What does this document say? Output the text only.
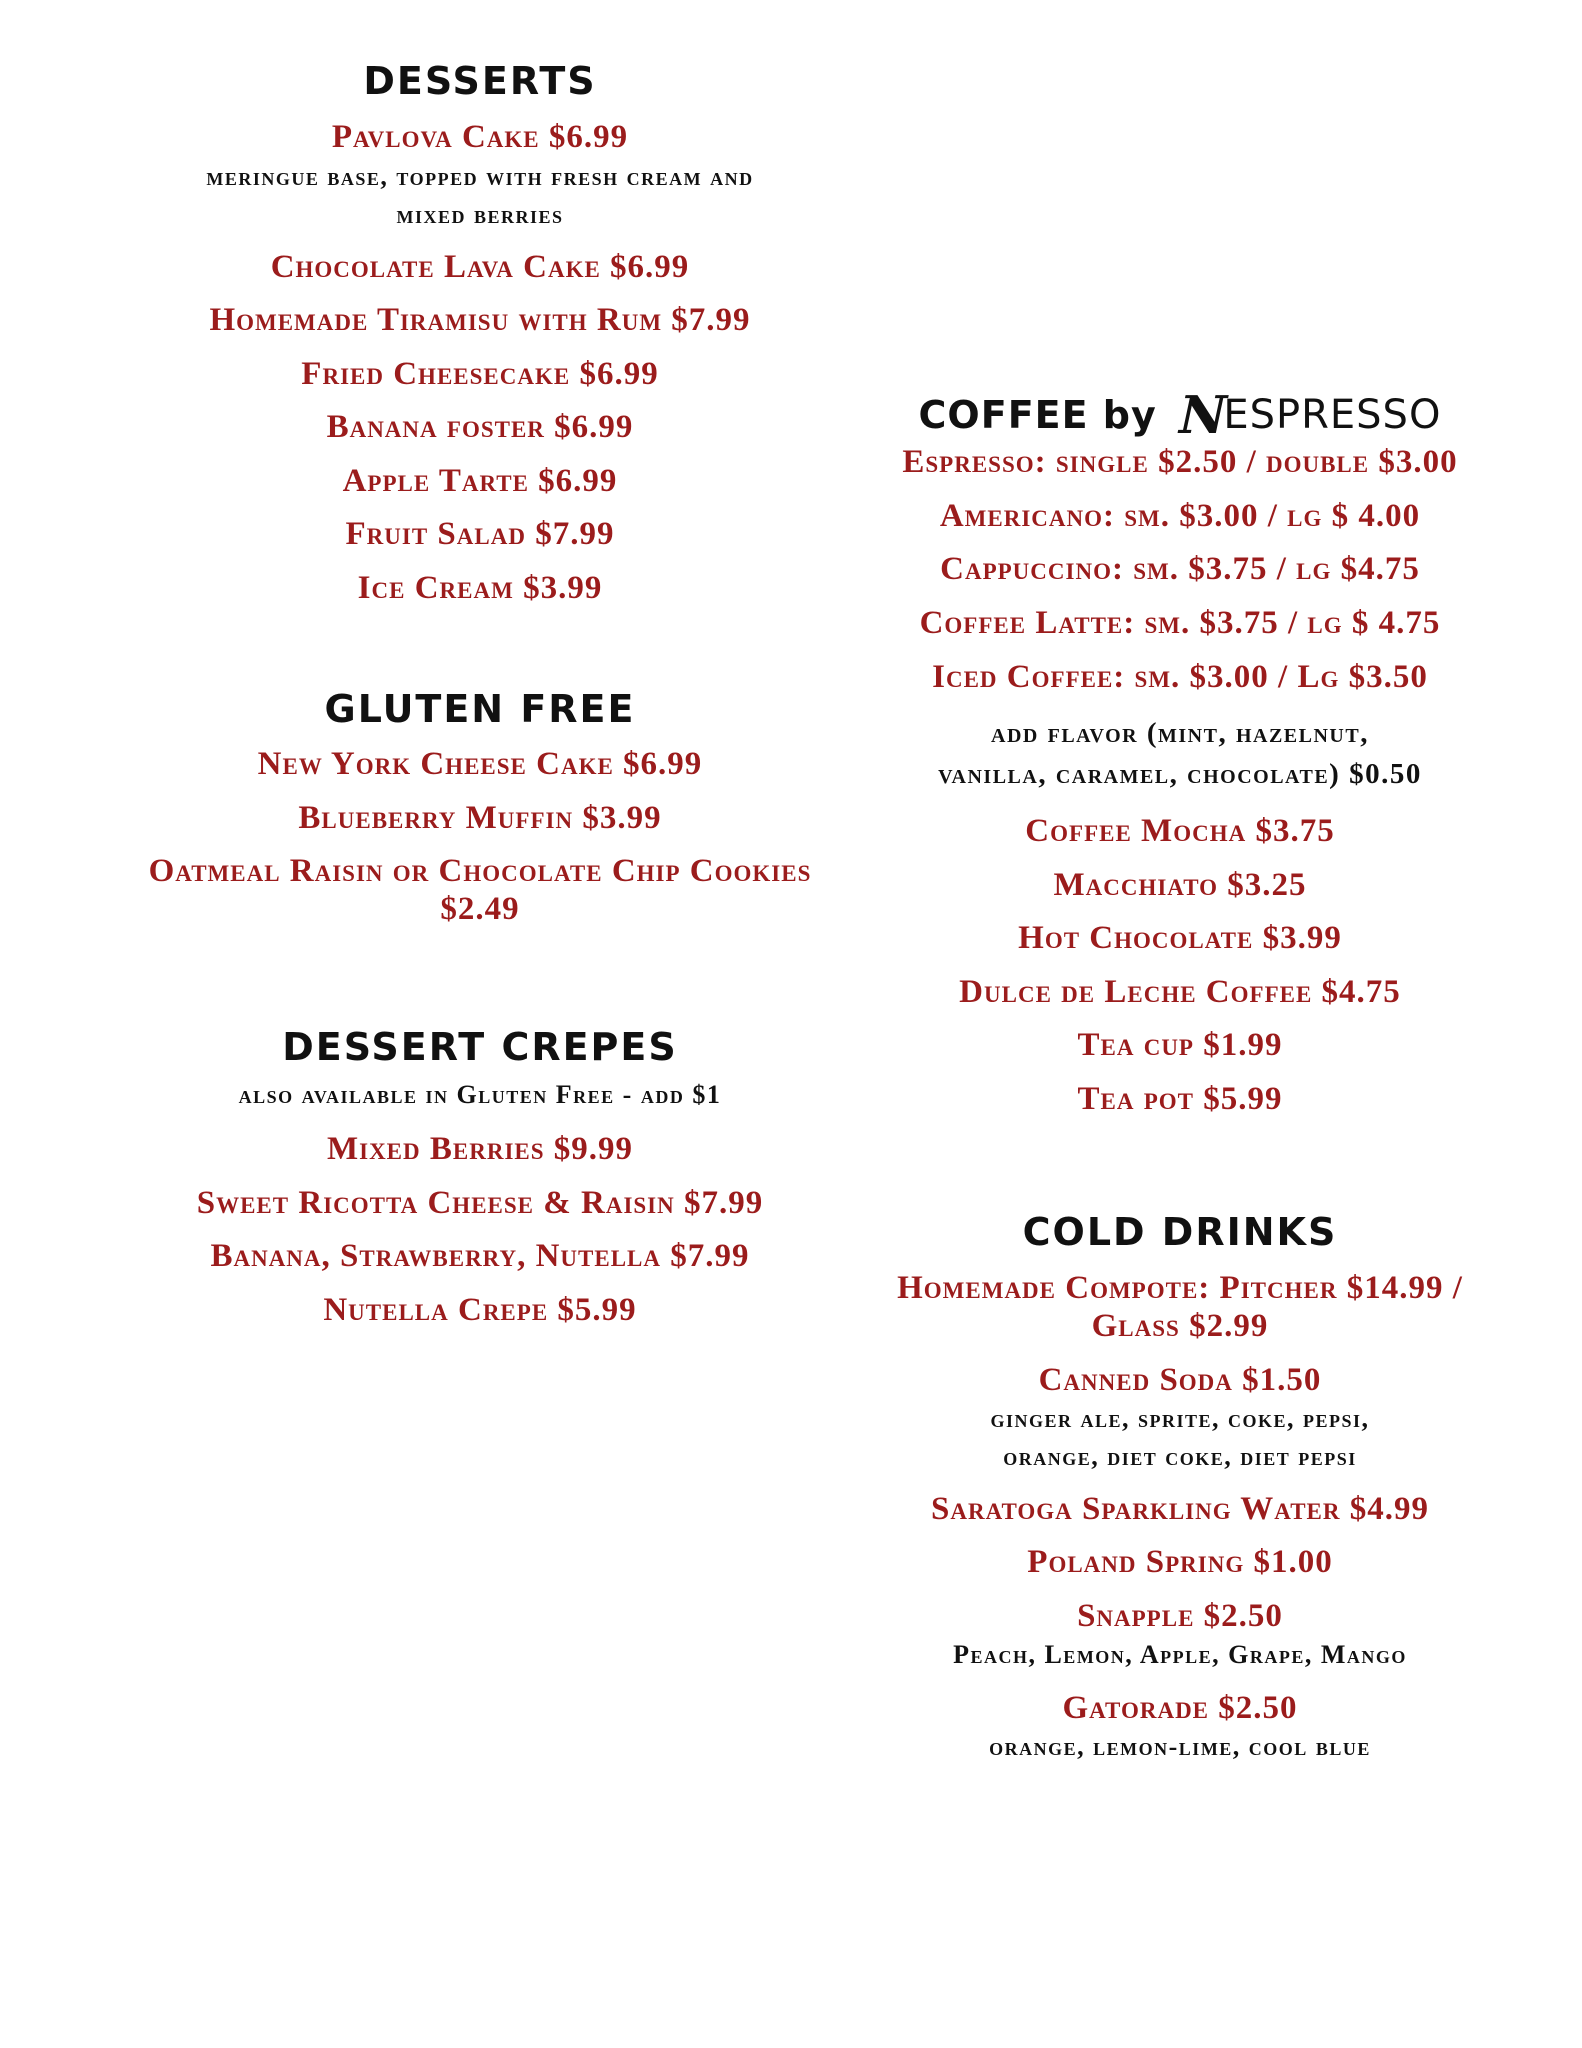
DESSERTS
Pavlova Cake $6.99
meringue base, topped with fresh cream and
mixed berries
Chocolate Lava Cake $6.99
Homemade Tiramisu with Rum $7.99
Fried Cheesecake $6.99
Banana foster $6.99
Apple Tarte $6.99
Fruit Salad $7.99
Ice Cream $3.99
GLUTEN FREE
New York Cheese Cake $6.99
Blueberry Muffin $3.99
Oatmeal Raisin or Chocolate Chip Cookies
$2.49
DESSERT CREPES
also available in Gluten Free - add $1
Mixed Berries $9.99
Sweet Ricotta Cheese & Raisin $7.99
Banana, Strawberry, Nutella $7.99
Nutella Crepe $5.99
COFFEE by N
ESPRESSO
Espresso: single $2.50 / double $3.00
Americano: sm. $3.00 / lg $ 4.00
Cappuccino: sm. $3.75 / lg $4.75
Coffee Latte: sm. $3.75 / lg $ 4.75
Iced Coffee: sm. $3.00 / Lg $3.50
add flavor (mint, hazelnut,
vanilla, caramel, chocolate) $0.50
Coffee Mocha $3.75
Macchiato $3.25
Hot Chocolate $3.99
Dulce de Leche Coffee $4.75
Tea cup $1.99
Tea pot $5.99
COLD DRINKS
Homemade Compote: Pitcher $14.99 /
Glass $2.99
Canned Soda $1.50
ginger ale, sprite, coke, pepsi,
orange, diet coke, diet pepsi
Saratoga Sparkling Water $4.99
Poland Spring $1.00
Snapple $2.50
Peach, Lemon, Apple, Grape, Mango
Gatorade $2.50
orange, lemon-lime, cool blue
